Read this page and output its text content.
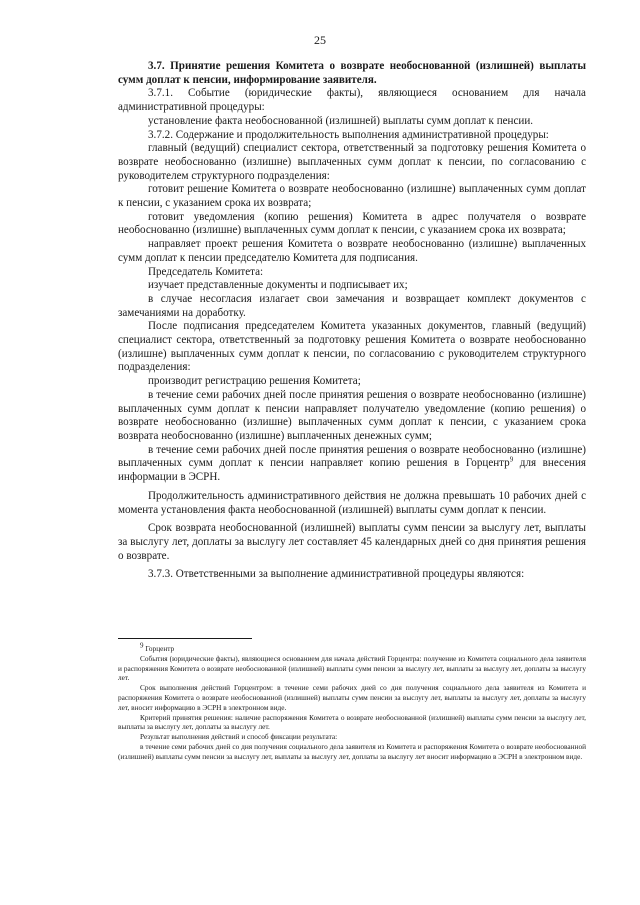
25

3.7. Принятие решения Комитета о возврате необоснованной (излишней) выплаты сумм доплат к пенсии, информирование заявителя.

3.7.1. Событие (юридические факты), являющиеся основанием для начала административной процедуры:

установление факта необоснованной (излишней) выплаты сумм доплат к пенсии.

3.7.2. Содержание и продолжительность выполнения административной процедуры:

главный (ведущий) специалист сектора, ответственный за подготовку решения Комитета о возврате необоснованно (излишне) выплаченных сумм доплат к пенсии, по согласованию с руководителем структурного подразделения:

готовит решение Комитета о возврате необоснованно (излишне) выплаченных сумм доплат к пенсии, с указанием срока их возврата;

готовит уведомления (копию решения) Комитета в адрес получателя о возврате необоснованно (излишне) выплаченных сумм доплат к пенсии, с указанием срока их возврата;

направляет проект решения Комитета о возврате необоснованно (излишне) выплаченных сумм доплат к пенсии председателю Комитета для подписания.

Председатель Комитета:

изучает представленные документы и подписывает их;

в случае несогласия излагает свои замечания и возвращает комплект документов с замечаниями на доработку.

После подписания председателем Комитета указанных документов, главный (ведущий) специалист сектора, ответственный за подготовку решения Комитета о возврате необоснованно (излишне) выплаченных сумм доплат к пенсии, по согласованию с руководителем структурного подразделения:

производит регистрацию решения Комитета;

в течение семи рабочих дней после принятия решения о возврате необоснованно (излишне) выплаченных сумм доплат к пенсии направляет получателю уведомление (копию решения) о возврате необоснованно (излишне) выплаченных сумм доплат к пенсии, с указанием срока возврата необоснованно (излишне) выплаченных денежных сумм;

в течение семи рабочих дней после принятия решения о возврате необоснованно (излишне) выплаченных сумм доплат к пенсии направляет копию решения в Горцентр$^9$ для внесения информации в ЭСРН.

Продолжительность административного действия не должна превышать 10 рабочих дней с момента установления факта необоснованной (излишней) выплаты сумм доплат к пенсии.

Срок возврата необоснованной (излишней) выплаты сумм пенсии за выслугу лет, выплаты за выслугу лет, доплаты за выслугу лет составляет 45 календарных дней со дня принятия решения о возврате.

3.7.3. Ответственными за выполнение административной процедуры являются:

$^9$ Горцентр

События (юридические факты), являющиеся основанием для начала действий Горцентра: получение из Комитета социального дела заявителя и распоряжения Комитета о возврате необоснованной (излишней) выплаты сумм пенсии за выслугу лет, выплаты за выслугу лет, доплаты за выслугу лет.

Срок выполнения действий Горцентром: в течение семи рабочих дней со дня получения социального дела заявителя из Комитета и распоряжения Комитета о возврате необоснованной (излишней) выплаты сумм пенсии за выслугу лет, выплаты за выслугу лет, доплаты за выслугу лет, вносит информацию в ЭСРН в электронном виде.

Критерий принятия решения: наличие распоряжения Комитета о возврате необоснованной (излишней) выплаты сумм пенсии за выслугу лет, выплаты за выслугу лет, доплаты за выслугу лет.

Результат выполнения действий и способ фиксации результата:

в течение семи рабочих дней со дня получения социального дела заявителя из Комитета и распоряжения Комитета о возврате необоснованной (излишней) выплаты сумм пенсии за выслугу лет, выплаты за выслугу лет, доплаты за выслугу лет вносит информацию в ЭСРН в электронном виде.
